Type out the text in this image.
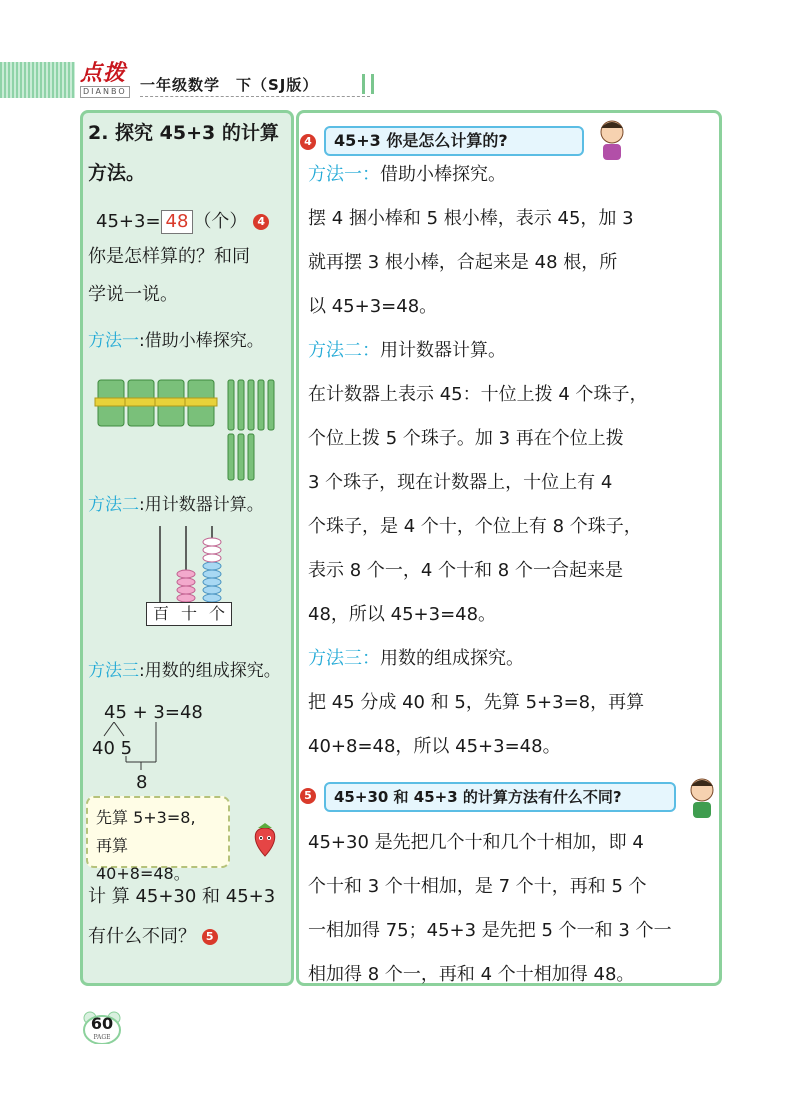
点拨
DIANBO 一年级数学　下（SJ版）
2. 探究 45+3 的计算
方法。
45+3= 48 （个） 4
你是怎样算的？和同
学说一说。
方法一:借助小棒探究。
方法二:用计数器计算。
百 十 个
方法三:用数的组成探究。
45 + 3=48
40 5
8
先算 5+3=8,
再算 40+8=48。
计 算 45+30 和 45+3
有什么不同？ 5
4	45+3 你是怎么计算的?
方法一：借助小棒探究。
摆 4 捆小棒和 5 根小棒，表示 45，加 3
就再摆 3 根小棒，合起来是 48 根，所
以 45+3=48。
方法二：用计数器计算。
在计数器上表示 45：十位上拨 4 个珠子，
个位上拨 5 个珠子。加 3 再在个位上拨
3 个珠子，现在计数器上，十位上有 4
个珠子，是 4 个十，个位上有 8 个珠子，
表示 8 个一，4 个十和 8 个一合起来是
48，所以 45+3=48。
方法三：用数的组成探究。
把 45 分成 40 和 5，先算 5+3=8，再算
40+8=48，所以 45+3=48。
5	45+30 和 45+3 的计算方法有什么不同?
45+30 是先把几个十和几个十相加，即 4
个十和 3 个十相加，是 7 个十，再和 5 个
一相加得 75；45+3 是先把 5 个一和 3 个一
相加得 8 个一，再和 4 个十相加得 48。
60
PAGE
